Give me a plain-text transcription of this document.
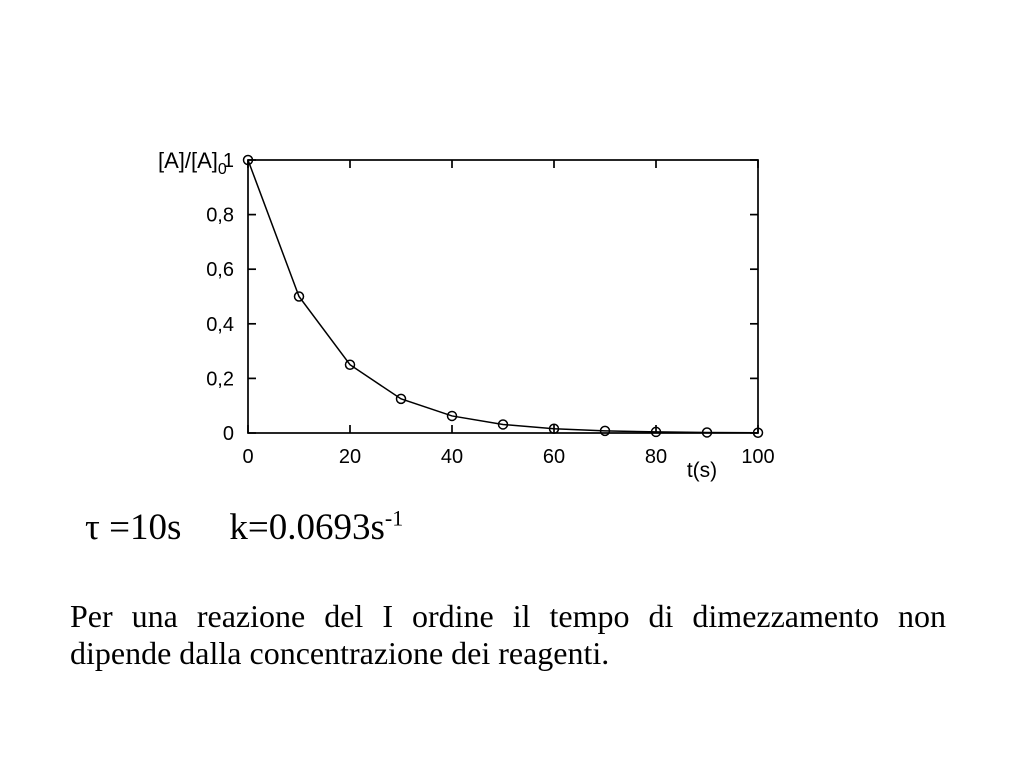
0	20	40	60	80	100
0
0,2
0,4
0,6
0,8
1
t(s)
$[A]/[A]_0$
τ =10s $k=0.0693s^{-1}$
Per una reazione del I ordine il tempo di dimezzamento non
dipende dalla concentrazione dei reagenti.
